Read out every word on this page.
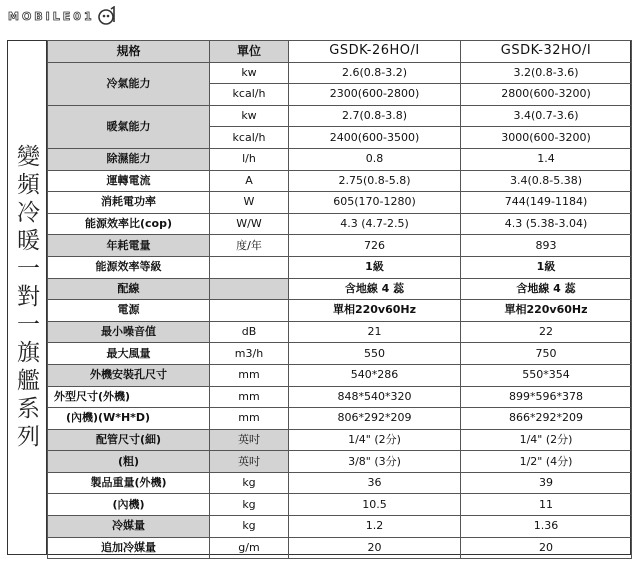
MOBILE01
變頻冷暖一對一旗艦系列
規格	單位	GSDK-26HO/I	GSDK-32HO/I
冷氣能力	kw	2.6(0.8-3.2)	3.2(0.8-3.6)
	kcal/h	2300(600-2800)	2800(600-3200)
暖氣能力	kw	2.7(0.8-3.8)	3.4(0.7-3.6)
	kcal/h	2400(600-3500)	3000(600-3200)
除濕能力	l/h	0.8	1.4
運轉電流	A	2.75(0.8-5.8)	3.4(0.8-5.38)
消耗電功率	W	605(170-1280)	744(149-1184)
能源效率比(cop)	W/W	4.3 (4.7-2.5)	4.3 (5.38-3.04)
年耗電量	度/年	726	893
能源效率等級		1級	1級
配線		含地線 4 蕊	含地線 4 蕊
電源		單相220v60Hz	單相220v60Hz
最小噪音值	dB	21	22
最大風量	m3/h	550	750
外機安裝孔尺寸	mm	540*286	550*354
外型尺寸(外機)	mm	848*540*320	899*596*378
(內機)(W*H*D)	mm	806*292*209	866*292*209
配管尺寸(細)	英吋	1/4" (2分)	1/4" (2分)
(粗)	英吋	3/8" (3分)	1/2" (4分)
製品重量(外機)	kg	36	39
(內機)	kg	10.5	11
冷媒量	kg	1.2	1.36
追加冷媒量	g/m	20	20
